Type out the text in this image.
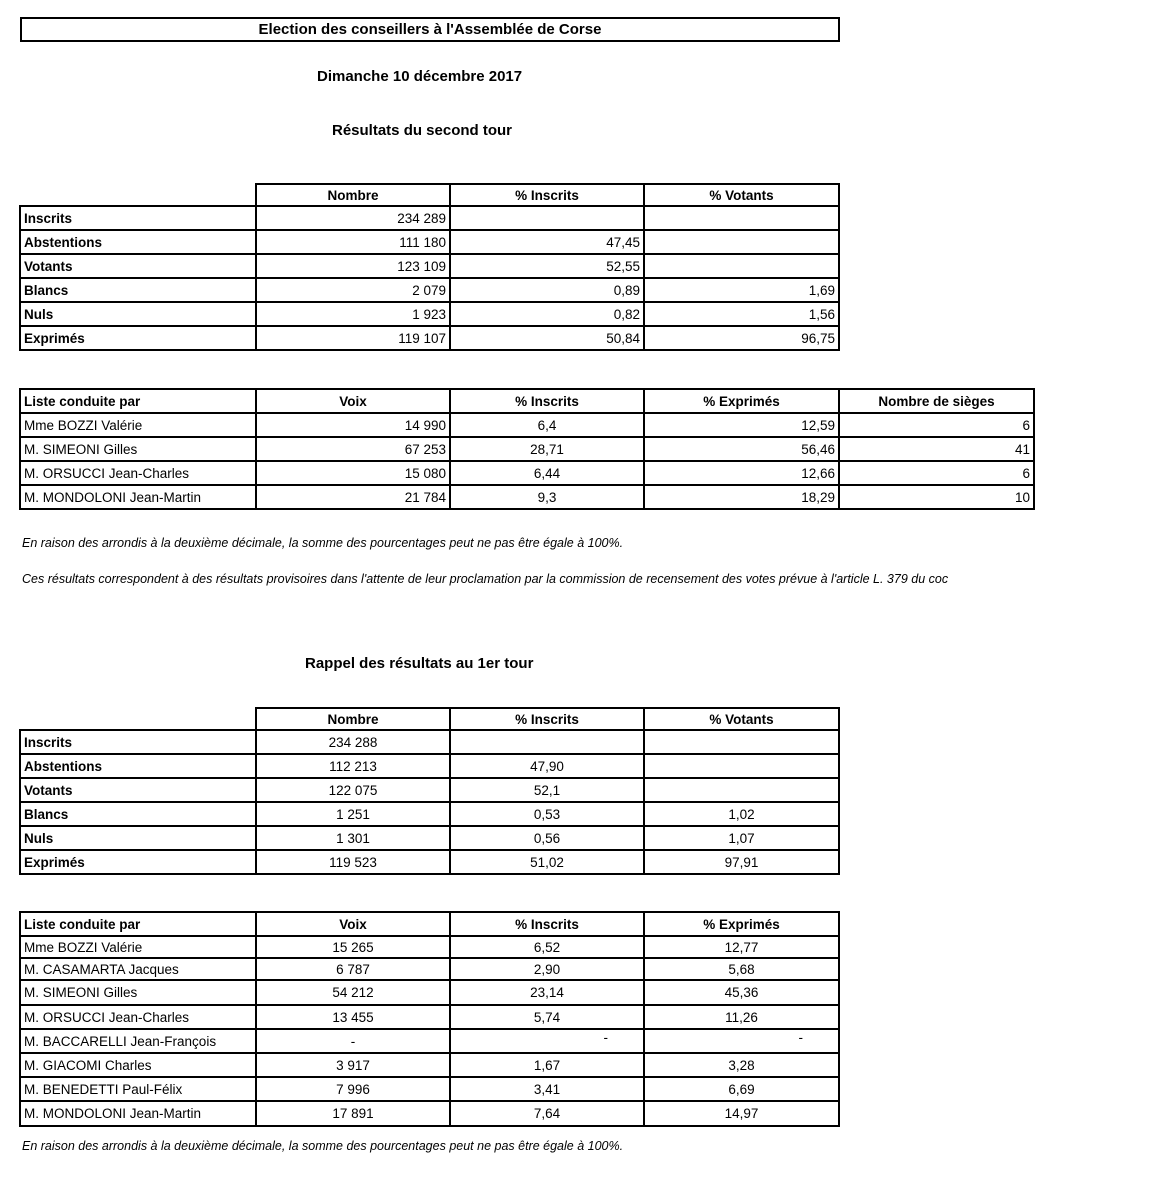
Election des conseillers à l'Assemblée de Corse
Dimanche 10 décembre 2017
Résultats du second tour
	Nombre	% Inscrits	% Votants
Inscrits	234 289		
Abstentions	111 180	47,45	
Votants	123 109	52,55	
Blancs	2 079	0,89	1,69
Nuls	1 923	0,82	1,56
Exprimés	119 107	50,84	96,75
Liste conduite par	Voix	% Inscrits	% Exprimés	Nombre de sièges
Mme BOZZI Valérie	14 990	6,4	12,59	6
M. SIMEONI Gilles	67 253	28,71	56,46	41
M. ORSUCCI Jean-Charles	15 080	6,44	12,66	6
M. MONDOLONI Jean-Martin	21 784	9,3	18,29	10
En raison des arrondis à la deuxième décimale, la somme des pourcentages peut ne pas être égale à 100%.
Ces résultats correspondent à des résultats provisoires dans l'attente de leur proclamation par la commission de recensement des votes prévue à l'article L. 379 du coc
Rappel des résultats au 1er tour
	Nombre	% Inscrits	% Votants
Inscrits	234 288		
Abstentions	112 213	47,90	
Votants	122 075	52,1	
Blancs	1 251	0,53	1,02
Nuls	1 301	0,56	1,07
Exprimés	119 523	51,02	97,91
Liste conduite par	Voix	% Inscrits	% Exprimés
Mme BOZZI Valérie	15 265	6,52	12,77
M. CASAMARTA Jacques	6 787	2,90	5,68
M. SIMEONI Gilles	54 212	23,14	45,36
M. ORSUCCI Jean-Charles	13 455	5,74	11,26
M. BACCARELLI Jean-François	-	-	-
M. GIACOMI Charles	3 917	1,67	3,28
M. BENEDETTI Paul-Félix	7 996	3,41	6,69
M. MONDOLONI Jean-Martin	17 891	7,64	14,97
En raison des arrondis à la deuxième décimale, la somme des pourcentages peut ne pas être égale à 100%.
